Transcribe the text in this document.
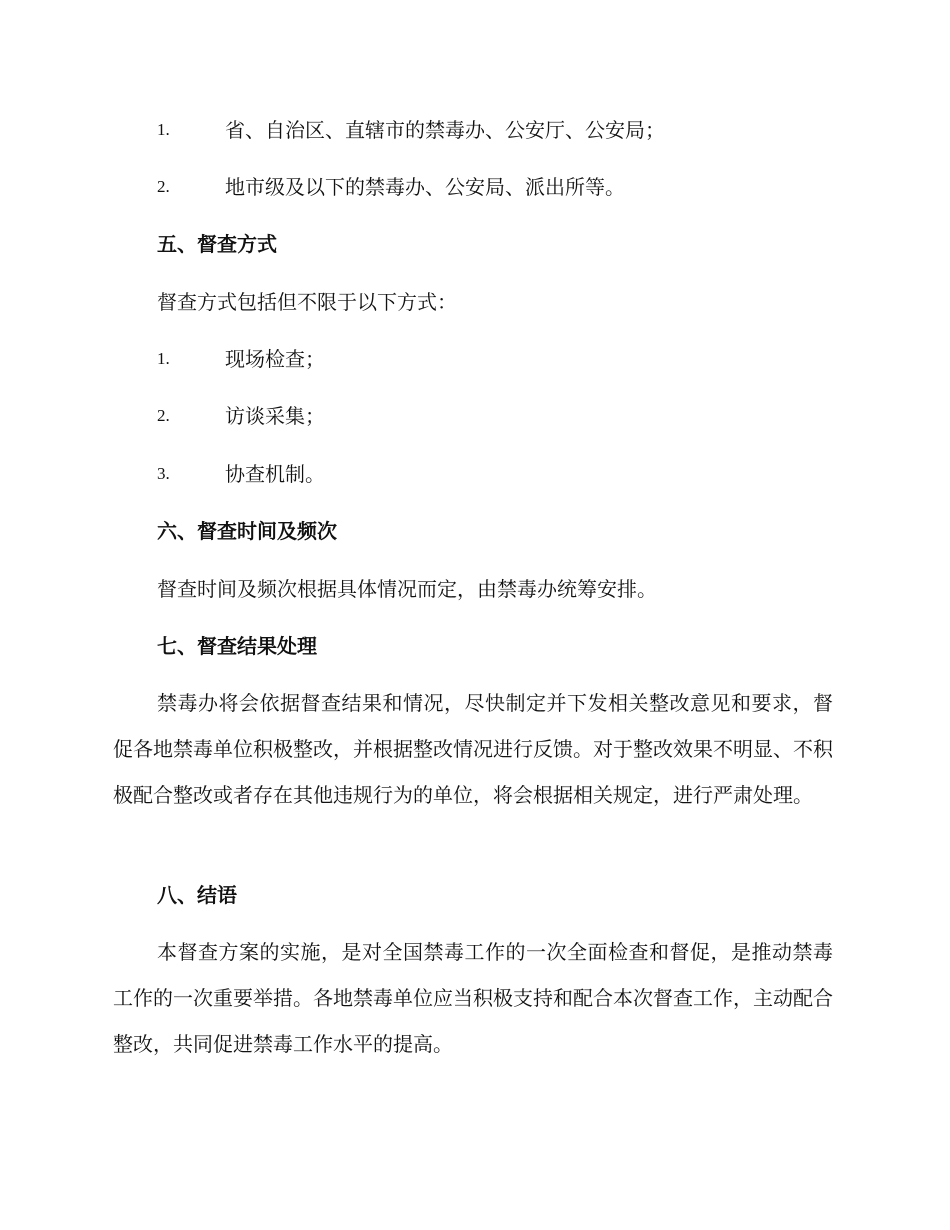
1.	省、自治区、直辖市的禁毒办、公安厅、公安局；
2.	地市级及以下的禁毒办、公安局、派出所等。
五、督查方式
督查方式包括但不限于以下方式：
1.	现场检查；
2.	访谈采集；
3.	协查机制。
六、督查时间及频次
督查时间及频次根据具体情况而定，由禁毒办统筹安排。
七、督查结果处理
禁毒办将会依据督查结果和情况，尽快制定并下发相关整改意见和要求，督促各地禁毒单位积极整改，并根据整改情况进行反馈。对于整改效果不明显、不积极配合整改或者存在其他违规行为的单位，将会根据相关规定，进行严肃处理。
八、结语
本督查方案的实施，是对全国禁毒工作的一次全面检查和督促，是推动禁毒工作的一次重要举措。各地禁毒单位应当积极支持和配合本次督查工作，主动配合整改，共同促进禁毒工作水平的提高。
